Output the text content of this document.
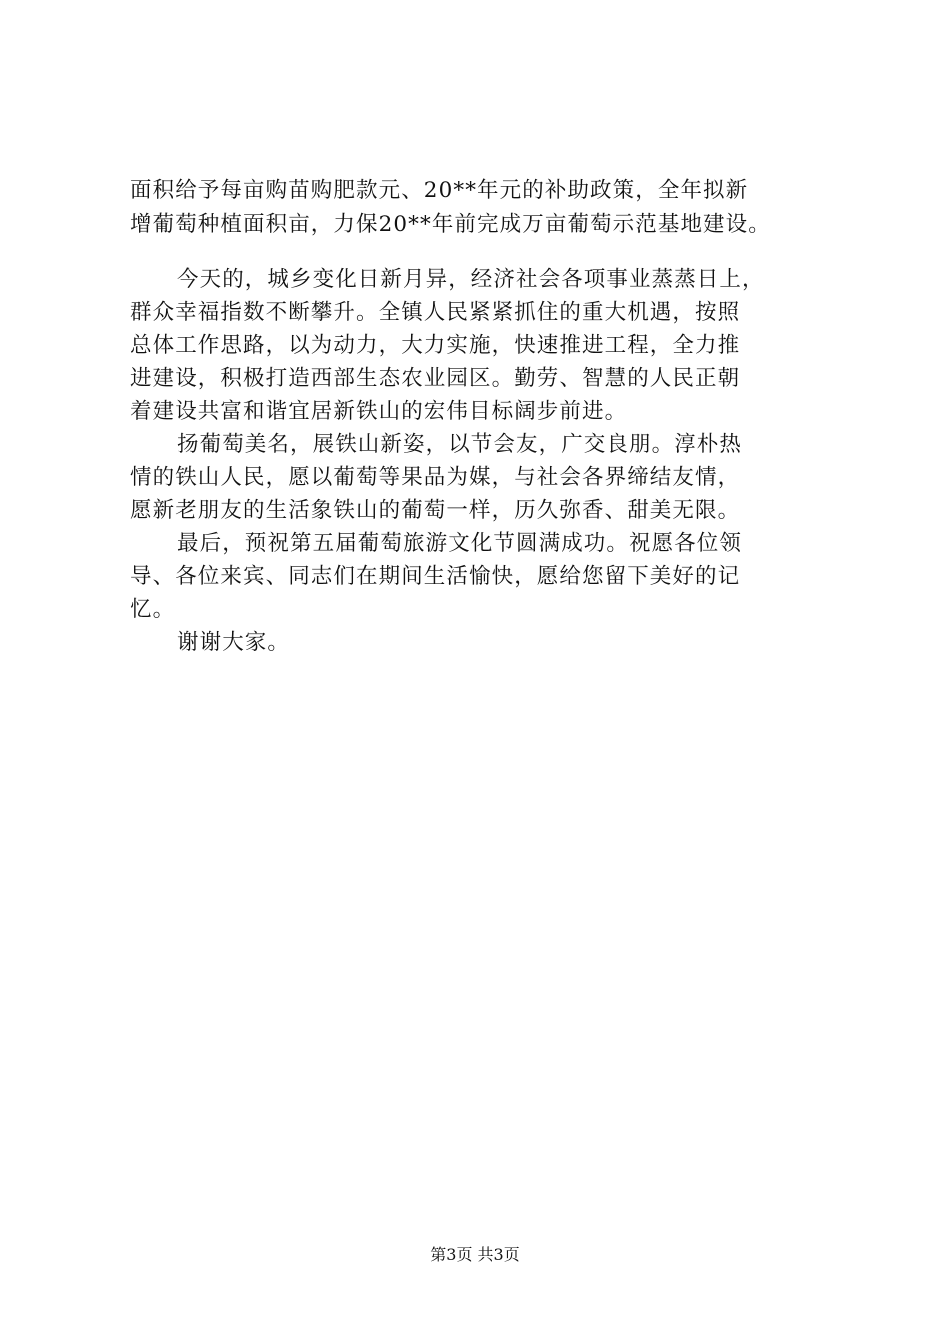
面积给予每亩购苗购肥款元、20**年元的补助政策，全年拟新
增葡萄种植面积亩，力保20**年前完成万亩葡萄示范基地建设。
今天的，城乡变化日新月异，经济社会各项事业蒸蒸日上，
群众幸福指数不断攀升。全镇人民紧紧抓住的重大机遇，按照
总体工作思路，以为动力，大力实施，快速推进工程，全力推
进建设，积极打造西部生态农业园区。勤劳、智慧的人民正朝
着建设共富和谐宜居新铁山的宏伟目标阔步前进。
扬葡萄美名，展铁山新姿，以节会友，广交良朋。淳朴热
情的铁山人民，愿以葡萄等果品为媒，与社会各界缔结友情，
愿新老朋友的生活象铁山的葡萄一样，历久弥香、甜美无限。
最后，预祝第五届葡萄旅游文化节圆满成功。祝愿各位领
导、各位来宾、同志们在期间生活愉快，愿给您留下美好的记
忆。
谢谢大家。
第3页 共3页
